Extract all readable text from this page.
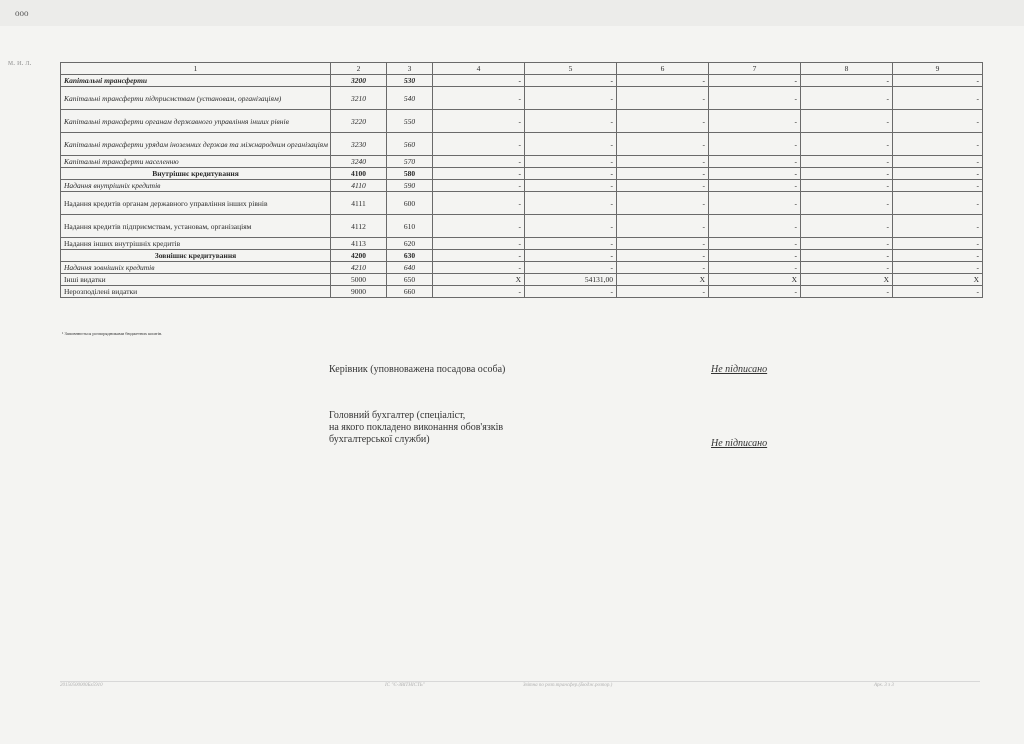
ооо
м. и. л.
1	2	3	4	5	6	7	8	9
Капітальні трансферти	3200	530	-	-	-	-	-	-
Капітальні трансферти підприємствам (установам, організаціям)	3210	540	-	-	-	-	-	-
Капітальні трансферти органам державного управління інших рівнів	3220	550	-	-	-	-	-	-
Капітальні трансферти урядам іноземних держав та міжнародним організаціям	3230	560	-	-	-	-	-	-
Капітальні трансферти населенню	3240	570	-	-	-	-	-	-
Внутрішнє кредитування	4100	580	-	-	-	-	-	-
Надання внутрішніх кредитів	4110	590	-	-	-	-	-	-
Надання кредитів органам державного управління інших рівнів	4111	600	-	-	-	-	-	-
Надання кредитів підприємствам, установам, організаціям	4112	610	-	-	-	-	-	-
Надання інших внутрішніх кредитів	4113	620	-	-	-	-	-	-
Зовнішнє кредитування	4200	630	-	-	-	-	-	-
Надання зовнішніх кредитів	4210	640	-	-	-	-	-	-
Інші видатки	5000	650	X	54131,00	X	X	X	X
Нерозподілені видатки	9000	660	-	-	-	-	-	-
¹ Заповнюється розпорядниками бюджетних коштів.
Керівник (уповноважена посадова особа)	Не підписано
Головний бухгалтер (спеціаліст,
на якого покладено виконання обов'язків
бухгалтерської служби)	Не підписано
20150500000Бх5910	ІС "Є-ЗВІТНІСТЬ"	Звітна по розп.трансфер.(Бюдж.розпор.)	Арк. 3 з 3
